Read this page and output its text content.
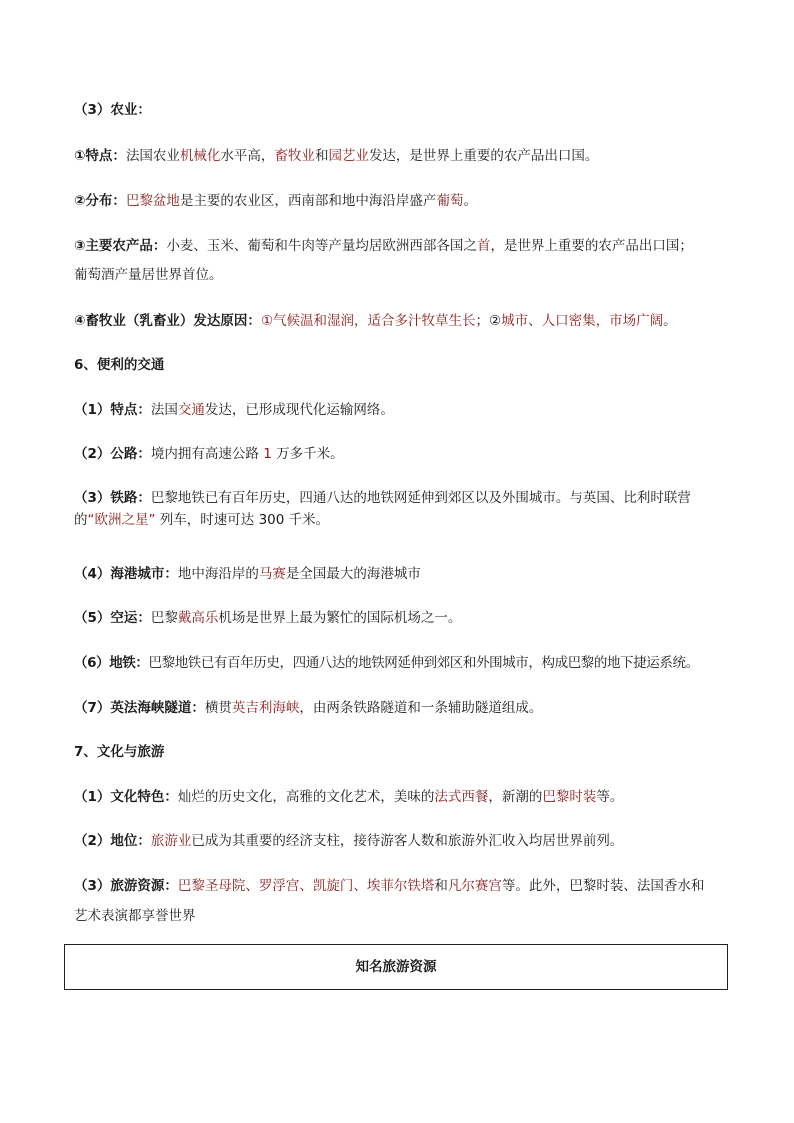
（3）农业：
①特点：法国农业机械化水平高，畜牧业和园艺业发达，是世界上重要的农产品出口国。
②分布：巴黎盆地是主要的农业区，西南部和地中海沿岸盛产葡萄。
③主要农产品：小麦、玉米、葡萄和牛肉等产量均居欧洲西部各国之首，是世界上重要的农产品出口国；
葡萄酒产量居世界首位。
④畜牧业（乳畜业）发达原因：①气候温和湿润，适合多汁牧草生长；②城市、人口密集，市场广阔。
6、便利的交通
（1）特点：法国交通发达，已形成现代化运输网络。
（2）公路：境内拥有高速公路 1 万多千米。
（3）铁路：巴黎地铁已有百年历史，四通八达的地铁网延伸到郊区以及外围城市。与英国、比利时联营的“欧洲之星” 列车，时速可达 300 千米。
（4）海港城市：地中海沿岸的马赛是全国最大的海港城市
（5）空运：巴黎戴高乐机场是世界上最为繁忙的国际机场之一。
（6）地铁：巴黎地铁已有百年历史，四通八达的地铁网延伸到郊区和外围城市，构成巴黎的地下捷运系统。
（7）英法海峡隧道：横贯英吉利海峡，由两条铁路隧道和一条辅助隧道组成。
7、文化与旅游
（1）文化特色：灿烂的历史文化，高雅的文化艺术，美味的法式西餐，新潮的巴黎时装等。
（2）地位：旅游业已成为其重要的经济支柱，接待游客人数和旅游外汇收入均居世界前列。
（3）旅游资源：巴黎圣母院、罗浮宫、凯旋门、埃菲尔铁塔和凡尔赛宫等。此外，巴黎时装、法国香水和
艺术表演都享誉世界
知名旅游资源
